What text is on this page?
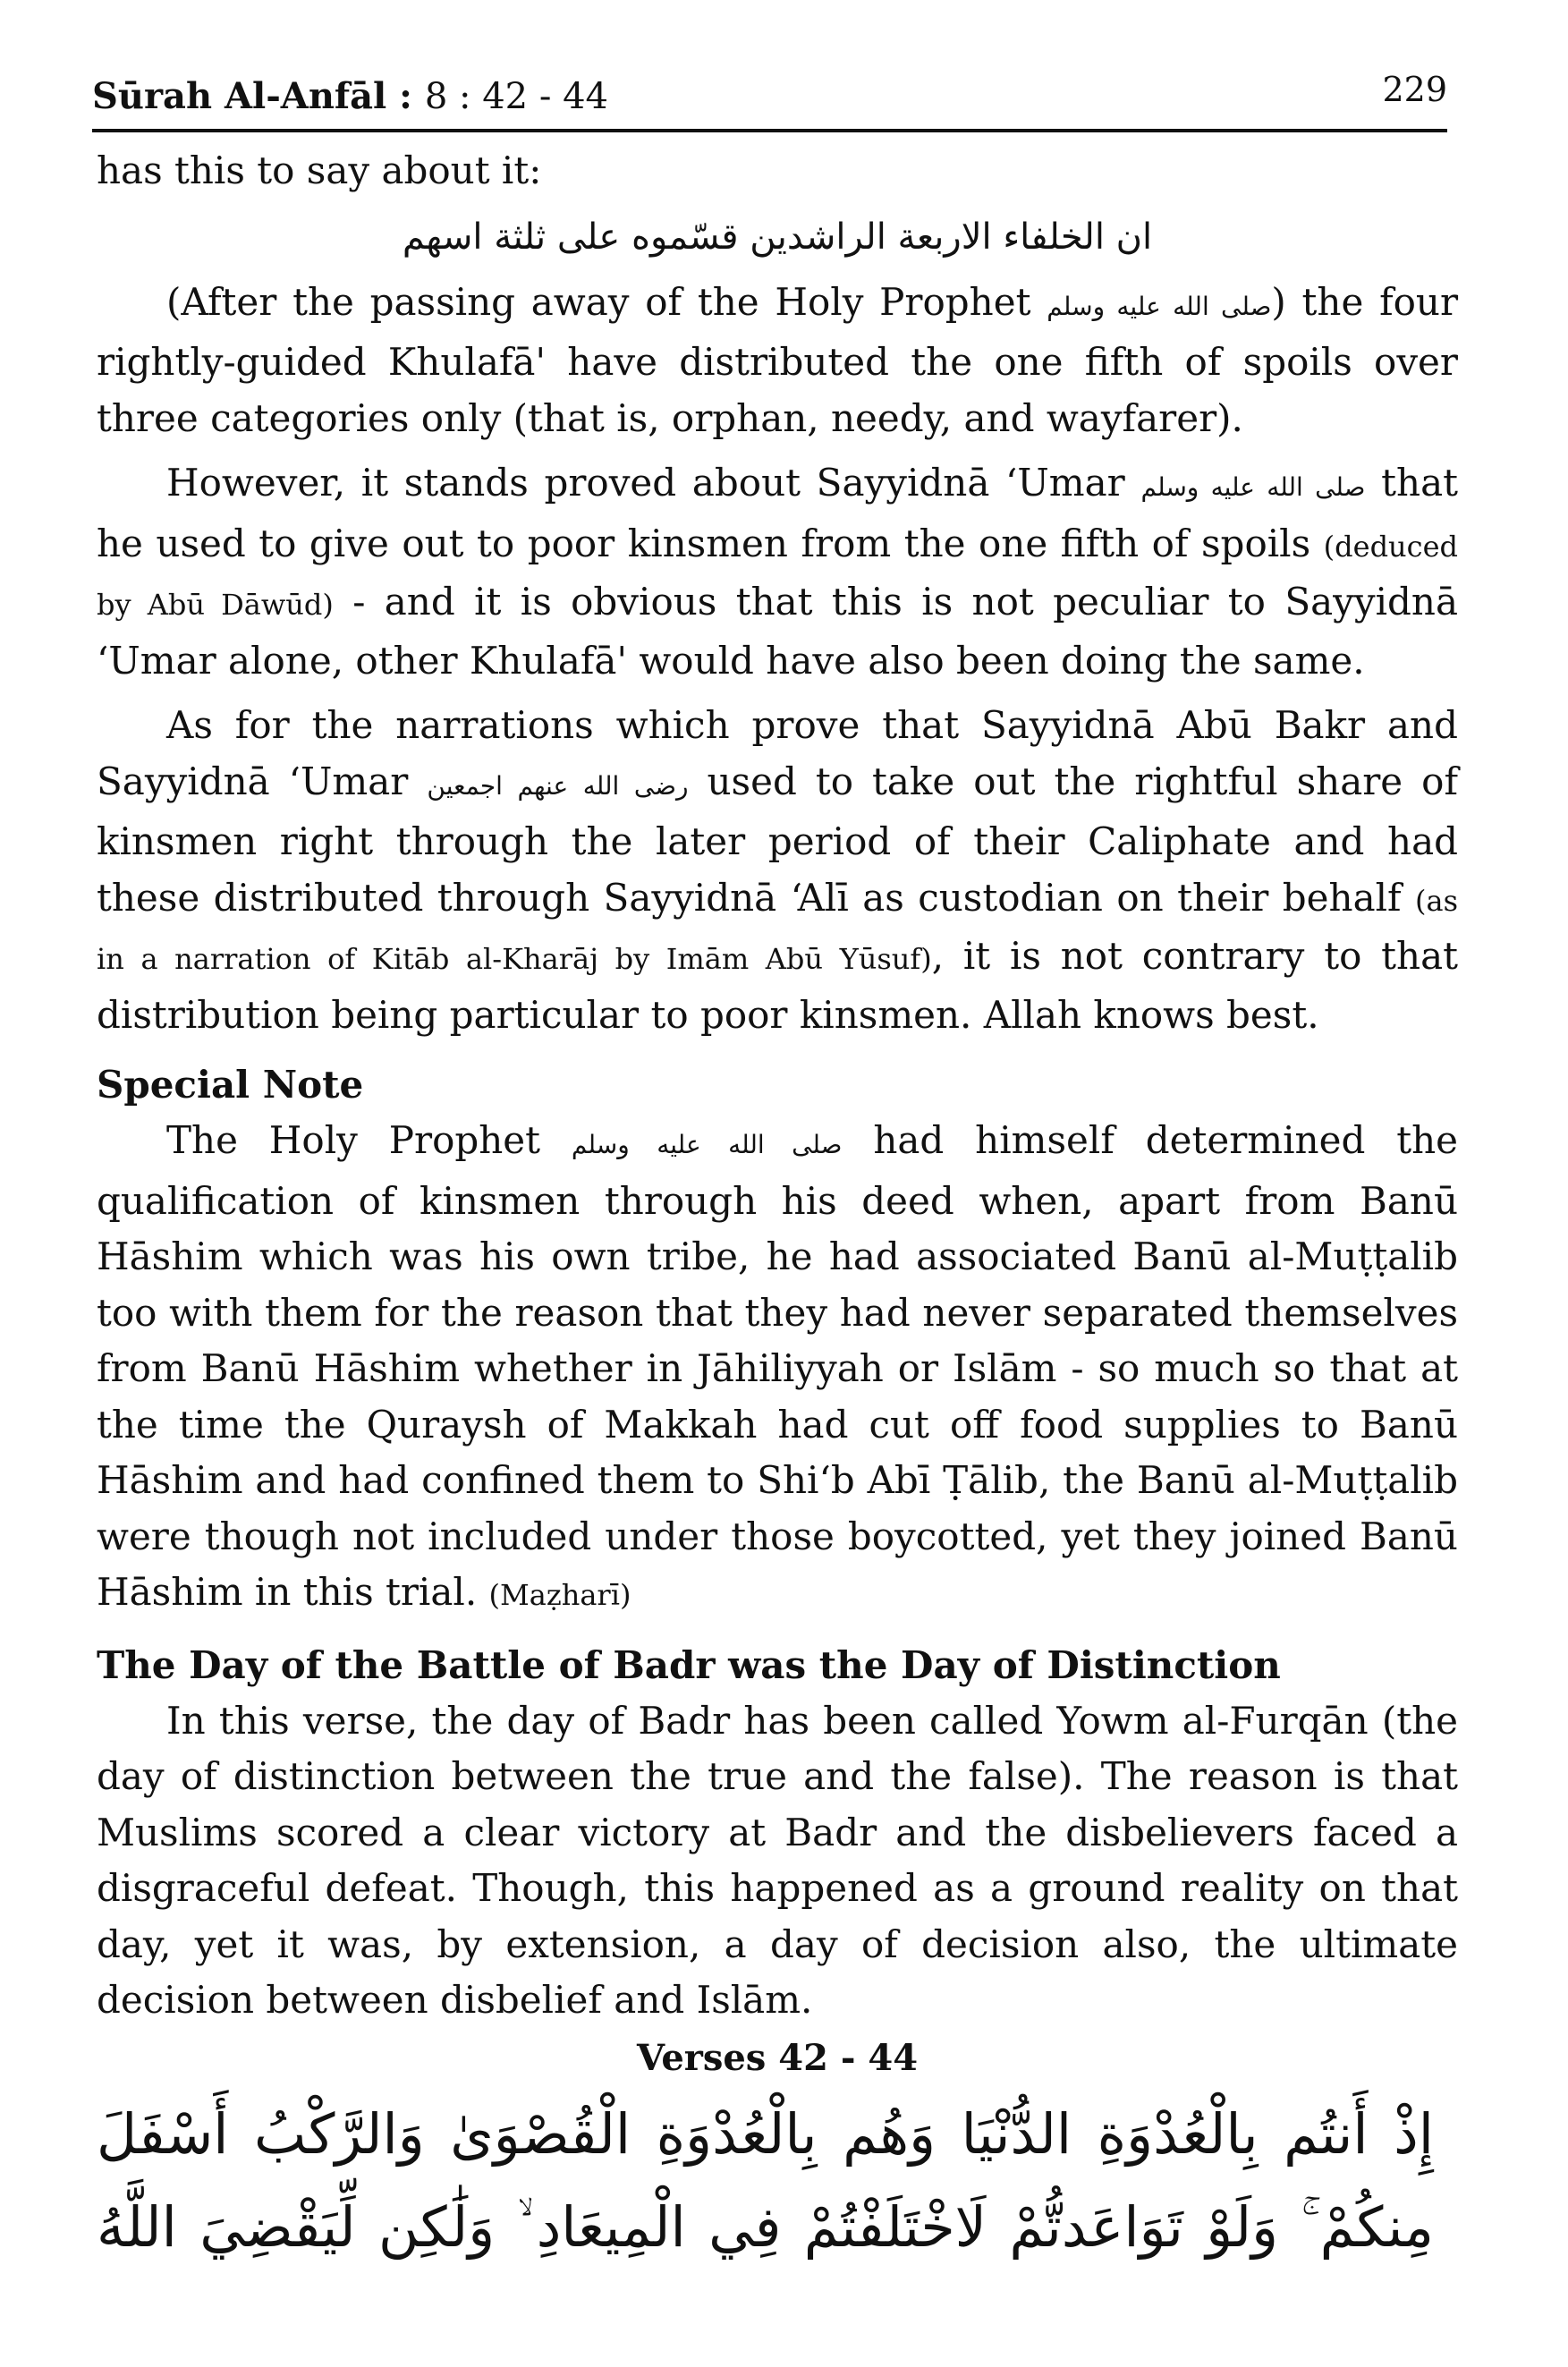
Sūrah Al-Anfāl : 8 : 42 - 44	229

has this to say about it:

ان الخلفاء الاربعة الراشدين قسّموه على ثلثة اسهم

(After the passing away of the Holy Prophet صلى الله عليه وسلم) the four rightly-guided Khulafā' have distributed the one fifth of spoils over three categories only (that is, orphan, needy, and wayfarer).

However, it stands proved about Sayyidnā ‘Umar صلى الله عليه وسلم that he used to give out to poor kinsmen from the one fifth of spoils (deduced by Abū Dāwūd) - and it is obvious that this is not peculiar to Sayyidnā ‘Umar alone, other Khulafā' would have also been doing the same.

As for the narrations which prove that Sayyidnā Abū Bakr and Sayyidnā ‘Umar رضى الله عنهم اجمعين used to take out the rightful share of kinsmen right through the later period of their Caliphate and had these distributed through Sayyidnā ‘Alī as custodian on their behalf (as in a narration of Kitāb al-Kharāj by Imām Abū Yūsuf), it is not contrary to that distribution being particular to poor kinsmen. Allah knows best.

Special Note

The Holy Prophet صلى الله عليه وسلم had himself determined the qualification of kinsmen through his deed when, apart from Banū Hāshim which was his own tribe, he had associated Banū al-Muṭṭalib too with them for the reason that they had never separated themselves from Banū Hāshim whether in Jāhiliyyah or Islām - so much so that at the time the Quraysh of Makkah had cut off food supplies to Banū Hāshim and had confined them to Shi‘b Abī Ṭālib, the Banū al-Muṭṭalib were though not included under those boycotted, yet they joined Banū Hāshim in this trial. (Maẓharī)

The Day of the Battle of Badr was the Day of Distinction

In this verse, the day of Badr has been called Yowm al-Furqān (the day of distinction between the true and the false). The reason is that Muslims scored a clear victory at Badr and the disbelievers faced a disgraceful defeat. Though, this happened as a ground reality on that day, yet it was, by extension, a day of decision also, the ultimate decision between disbelief and Islām.

Verses 42 - 44

إِذْ أَنتُم بِالْعُدْوَةِ الدُّنْيَا وَهُم بِالْعُدْوَةِ الْقُصْوَىٰ وَالرَّكْبُ أَسْفَلَ

مِنكُمْ ۚ وَلَوْ تَوَاعَدتُّمْ لَاخْتَلَفْتُمْ فِي الْمِيعَادِ ۙ وَلَٰكِن لِّيَقْضِيَ اللَّهُ
